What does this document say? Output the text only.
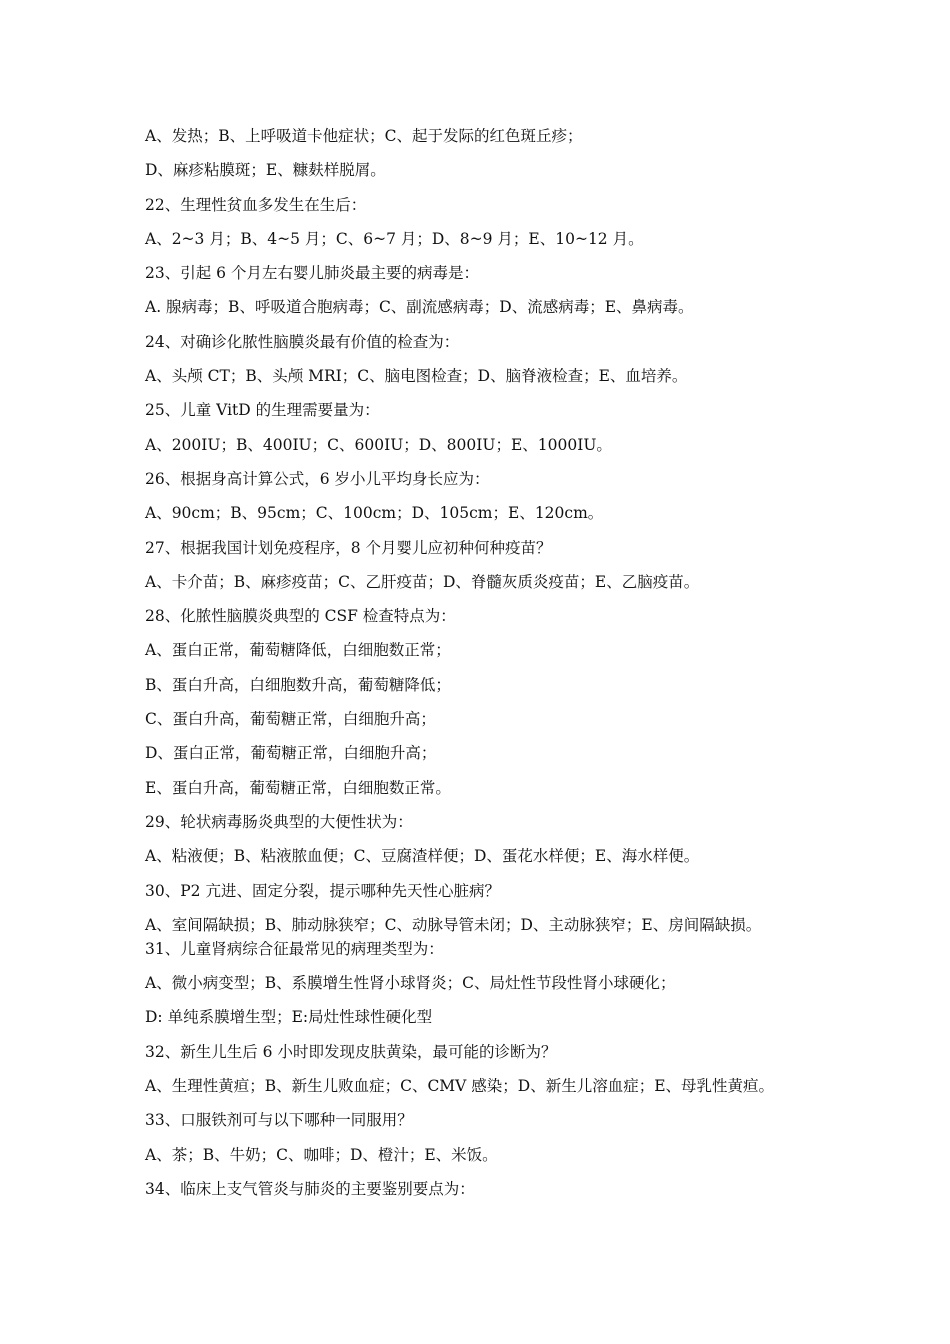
A、发热；B、上呼吸道卡他症状；C、起于发际的红色斑丘疹；
D、麻疹粘膜斑；E、糠麸样脱屑。
22、生理性贫血多发生在生后：
A、2~3 月；B、4~5 月；C、6~7 月；D、8~9 月；E、10~12 月。
23、引起 6 个月左右婴儿肺炎最主要的病毒是：
A. 腺病毒；B、呼吸道合胞病毒；C、副流感病毒；D、流感病毒；E、鼻病毒。
24、对确诊化脓性脑膜炎最有价值的检查为：
A、头颅 CT；B、头颅 MRI；C、脑电图检查；D、脑脊液检查；E、血培养。
25、儿童 VitD 的生理需要量为：
A、200IU；B、400IU；C、600IU；D、800IU；E、1000IU。
26、根据身高计算公式，6 岁小儿平均身长应为：
A、90cm；B、95cm；C、100cm；D、105cm；E、120cm。
27、根据我国计划免疫程序，8 个月婴儿应初种何种疫苗？
A、卡介苗；B、麻疹疫苗；C、乙肝疫苗；D、脊髓灰质炎疫苗；E、乙脑疫苗。
28、化脓性脑膜炎典型的 CSF 检查特点为：
A、蛋白正常，葡萄糖降低，白细胞数正常；
B、蛋白升高，白细胞数升高，葡萄糖降低；
C、蛋白升高，葡萄糖正常，白细胞升高；
D、蛋白正常，葡萄糖正常，白细胞升高；
E、蛋白升高，葡萄糖正常，白细胞数正常。
29、轮状病毒肠炎典型的大便性状为：
A、粘液便；B、粘液脓血便；C、豆腐渣样便；D、蛋花水样便；E、海水样便。
30、P2 亢进、固定分裂，提示哪种先天性心脏病？
A、室间隔缺损；B、肺动脉狭窄；C、动脉导管未闭；D、主动脉狭窄；E、房间隔缺损。
31、儿童肾病综合征最常见的病理类型为：
A、微小病变型；B、系膜增生性肾小球肾炎；C、局灶性节段性肾小球硬化；
D: 单纯系膜增生型；E:局灶性球性硬化型
32、新生儿生后 6 小时即发现皮肤黄染，最可能的诊断为？
A、生理性黄疸；B、新生儿败血症；C、CMV 感染；D、新生儿溶血症；E、母乳性黄疸。
33、口服铁剂可与以下哪种一同服用？
A、茶；B、牛奶；C、咖啡；D、橙汁；E、米饭。
34、临床上支气管炎与肺炎的主要鉴别要点为：
